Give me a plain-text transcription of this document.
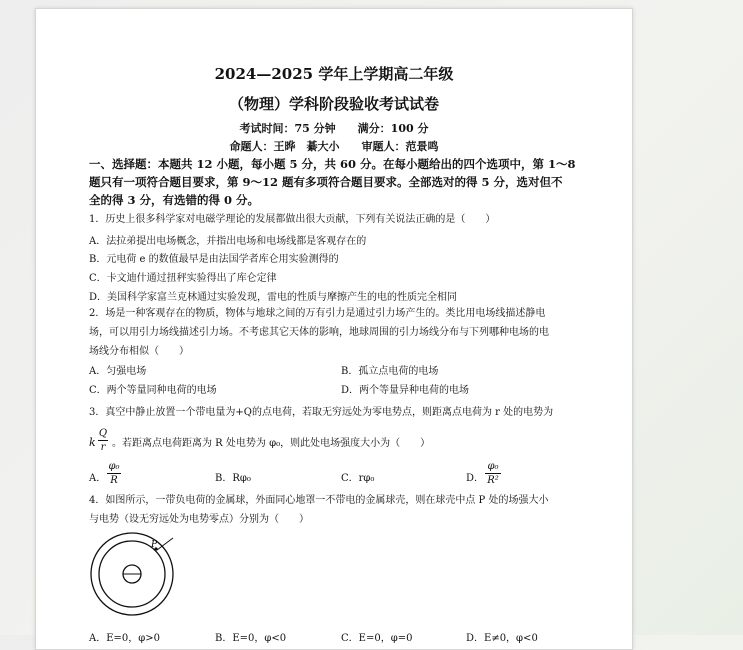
2024—2025 学年上学期高二年级
（物理）学科阶段验收考试试卷
考试时间：75 分钟　　满分：100 分
命题人：王晔　綦大小　　审题人：范景鸣
一、选择题：本题共 12 小题，每小题 5 分，共 60 分。在每小题给出的四个选项中，第 1～8
题只有一项符合题目要求，第 9～12 题有多项符合题目要求。全部选对的得 5 分，选对但不
全的得 3 分，有选错的得 0 分。
1．历史上很多科学家对电磁学理论的发展都做出很大贡献，下列有关说法正确的是（　　）
A．法拉弟提出电场概念，并指出电场和电场线都是客观存在的
B．元电荷 e 的数值最早是由法国学者库仑用实验测得的
C．卡文迪什通过扭秤实验得出了库仑定律
D．美国科学家富兰克林通过实验发现，雷电的性质与摩擦产生的电的性质完全相同
2．场是一种客观存在的物质，物体与地球之间的万有引力是通过引力场产生的。类比用电场线描述静电
场，可以用引力场线描述引力场。不考虑其它天体的影响，地球周围的引力场线分布与下列哪种电场的电
场线分布相似（　　）
A．匀强电场	B．孤立点电荷的电场
C．两个等量同种电荷的电场	D．两个等量异种电荷的电场
3．真空中静止放置一个带电量为+Q的点电荷，若取无穷远处为零电势点，则距离点电荷为 r 处的电势为
k
Q
r 。若距离点电荷距离为 R 处电势为 φ₀，则此处电场强度大小为（　　）
A．
φ₀
R	B．Rφ₀	C．rφ₀	D．
φ₀
R²
4．如图所示，一带负电荷的金属球，外面同心地罩一不带电的金属球壳，则在球壳中点 P 处的场强大小
与电势（设无穷远处为电势零点）分别为（　　）
P
A．E=0，φ>0	B．E=0，φ<0	C．E=0，φ=0	D．E≠0，φ<0
